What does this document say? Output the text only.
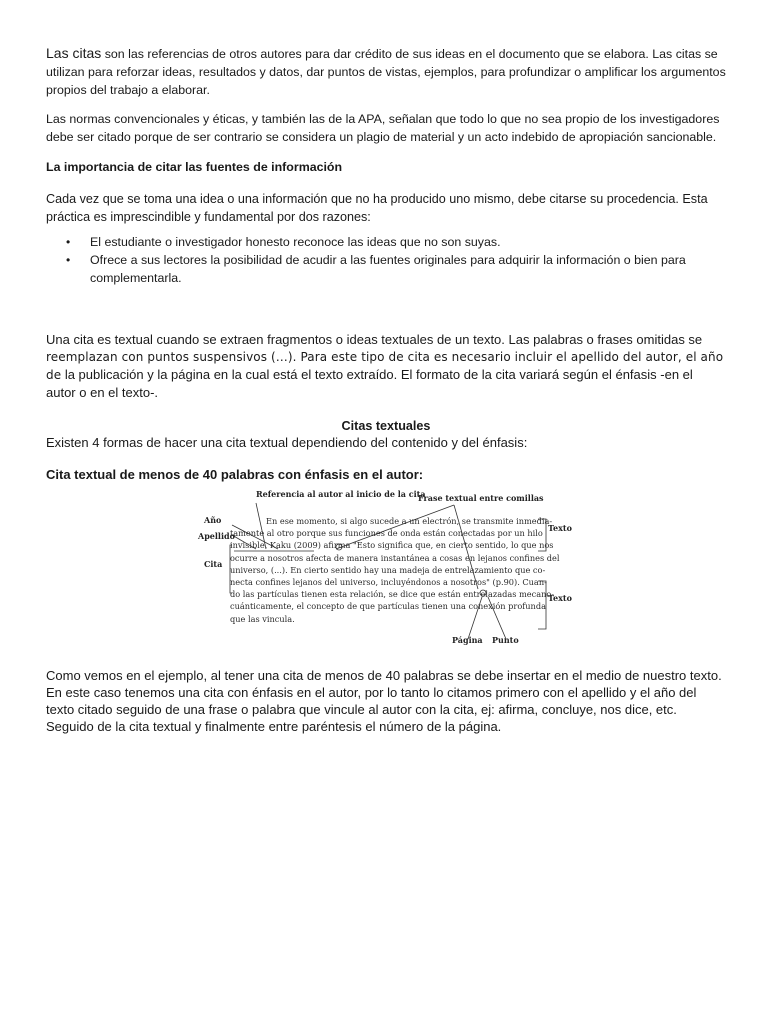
Las citas son las referencias de otros autores para dar crédito de sus ideas en el documento que se elabora. Las citas se utilizan para reforzar ideas, resultados y datos, dar puntos de vistas, ejemplos, para profundizar o amplificar los argumentos propios del trabajo a elaborar.

Las normas convencionales y éticas, y también las de la APA, señalan que todo lo que no sea propio de los investigadores debe ser citado porque de ser contrario se considera un plagio de material y un acto indebido de apropiación sancionable.

La importancia de citar las fuentes de información

Cada vez que se toma una idea o una información que no ha producido uno mismo, debe citarse su procedencia. Esta práctica es imprescindible y fundamental por dos razones:

• El estudiante o investigador honesto reconoce las ideas que no son suyas.
• Ofrece a sus lectores la posibilidad de acudir a las fuentes originales para adquirir la información o bien para complementarla.

Una cita es textual cuando se extraen fragmentos o ideas textuales de un texto. Las palabras o frases omitidas se reemplazan con puntos suspensivos (…). Para este tipo de cita es necesario incluir el apellido del autor, el año de la publicación y la página en la cual está el texto extraído. El formato de la cita variará según el énfasis -en el autor o en el texto-.

Citas textuales

Existen 4 formas de hacer una cita textual dependiendo del contenido y del énfasis:

Cita textual de menos de 40 palabras con énfasis en el autor:

Referencia al autor al inicio de la cita
Frase textual entre comillas
Año
Apellido
Cita
Texto
Texto
Página Punto
En ese momento, si algo sucede a un electrón, se transmite inmedia-
tamente al otro porque sus funciones de onda están conectadas por un hilo
invisible. Kaku (2009) afirma "Esto significa que, en cierto sentido, lo que nos
ocurre a nosotros afecta de manera instantánea a cosas en lejanos confines del
universo, (...). En cierto sentido hay una madeja de entrelazamiento que co-
necta confines lejanos del universo, incluyéndonos a nosotros" (p.90). Cuan-
do las partículas tienen esta relación, se dice que están entrelazadas mecano-
cuánticamente, el concepto de que partículas tienen una conexión profunda
que las vincula.

Como vemos en el ejemplo, al tener una cita de menos de 40 palabras se debe insertar en el medio de nuestro texto. En este caso tenemos una cita con énfasis en el autor, por lo tanto lo citamos primero con el apellido y el año del texto citado seguido de una frase o palabra que vincule al autor con la cita, ej: afirma, concluye, nos dice, etc. Seguido de la cita textual y finalmente entre paréntesis el número de la página.
